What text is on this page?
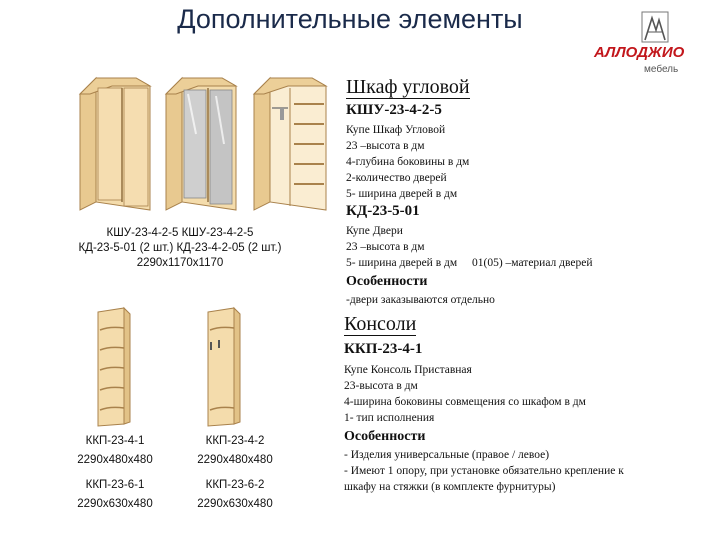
Дополнительные элементы
АЛЛОДЖИО
мебель
КШУ-23-4-2-5 КШУ-23-4-2-5
КД-23-5-01 (2 шт.) КД-23-4-2-05 (2 шт.)
2290х1170х1170
Шкаф угловой
КШУ-23-4-2-5
Купе Шкаф Угловой
23 –высота в дм
4-глубина боковины в дм
2-количество дверей
5- ширина дверей в дм
КД-23-5-01
Купе Двери
23 –высота в дм
5- ширина дверей в дм 01(05) –материал дверей
Особенности
-двери заказываются отдельно
ККП-23-4-1
2290х480х480
ККП-23-4-2
2290х480х480
ККП-23-6-1
2290х630х480
ККП-23-6-2
2290х630х480
Консоли
ККП-23-4-1
Купе Консоль Приставная
23-высота в дм
4-ширина боковины совмещения со шкафом в дм
1- тип исполнения
Особенности
- Изделия универсальные (правое / левое)
- Имеют 1 опору, при установке обязательно крепление к
шкафу на стяжки (в комплекте фурнитуры)
